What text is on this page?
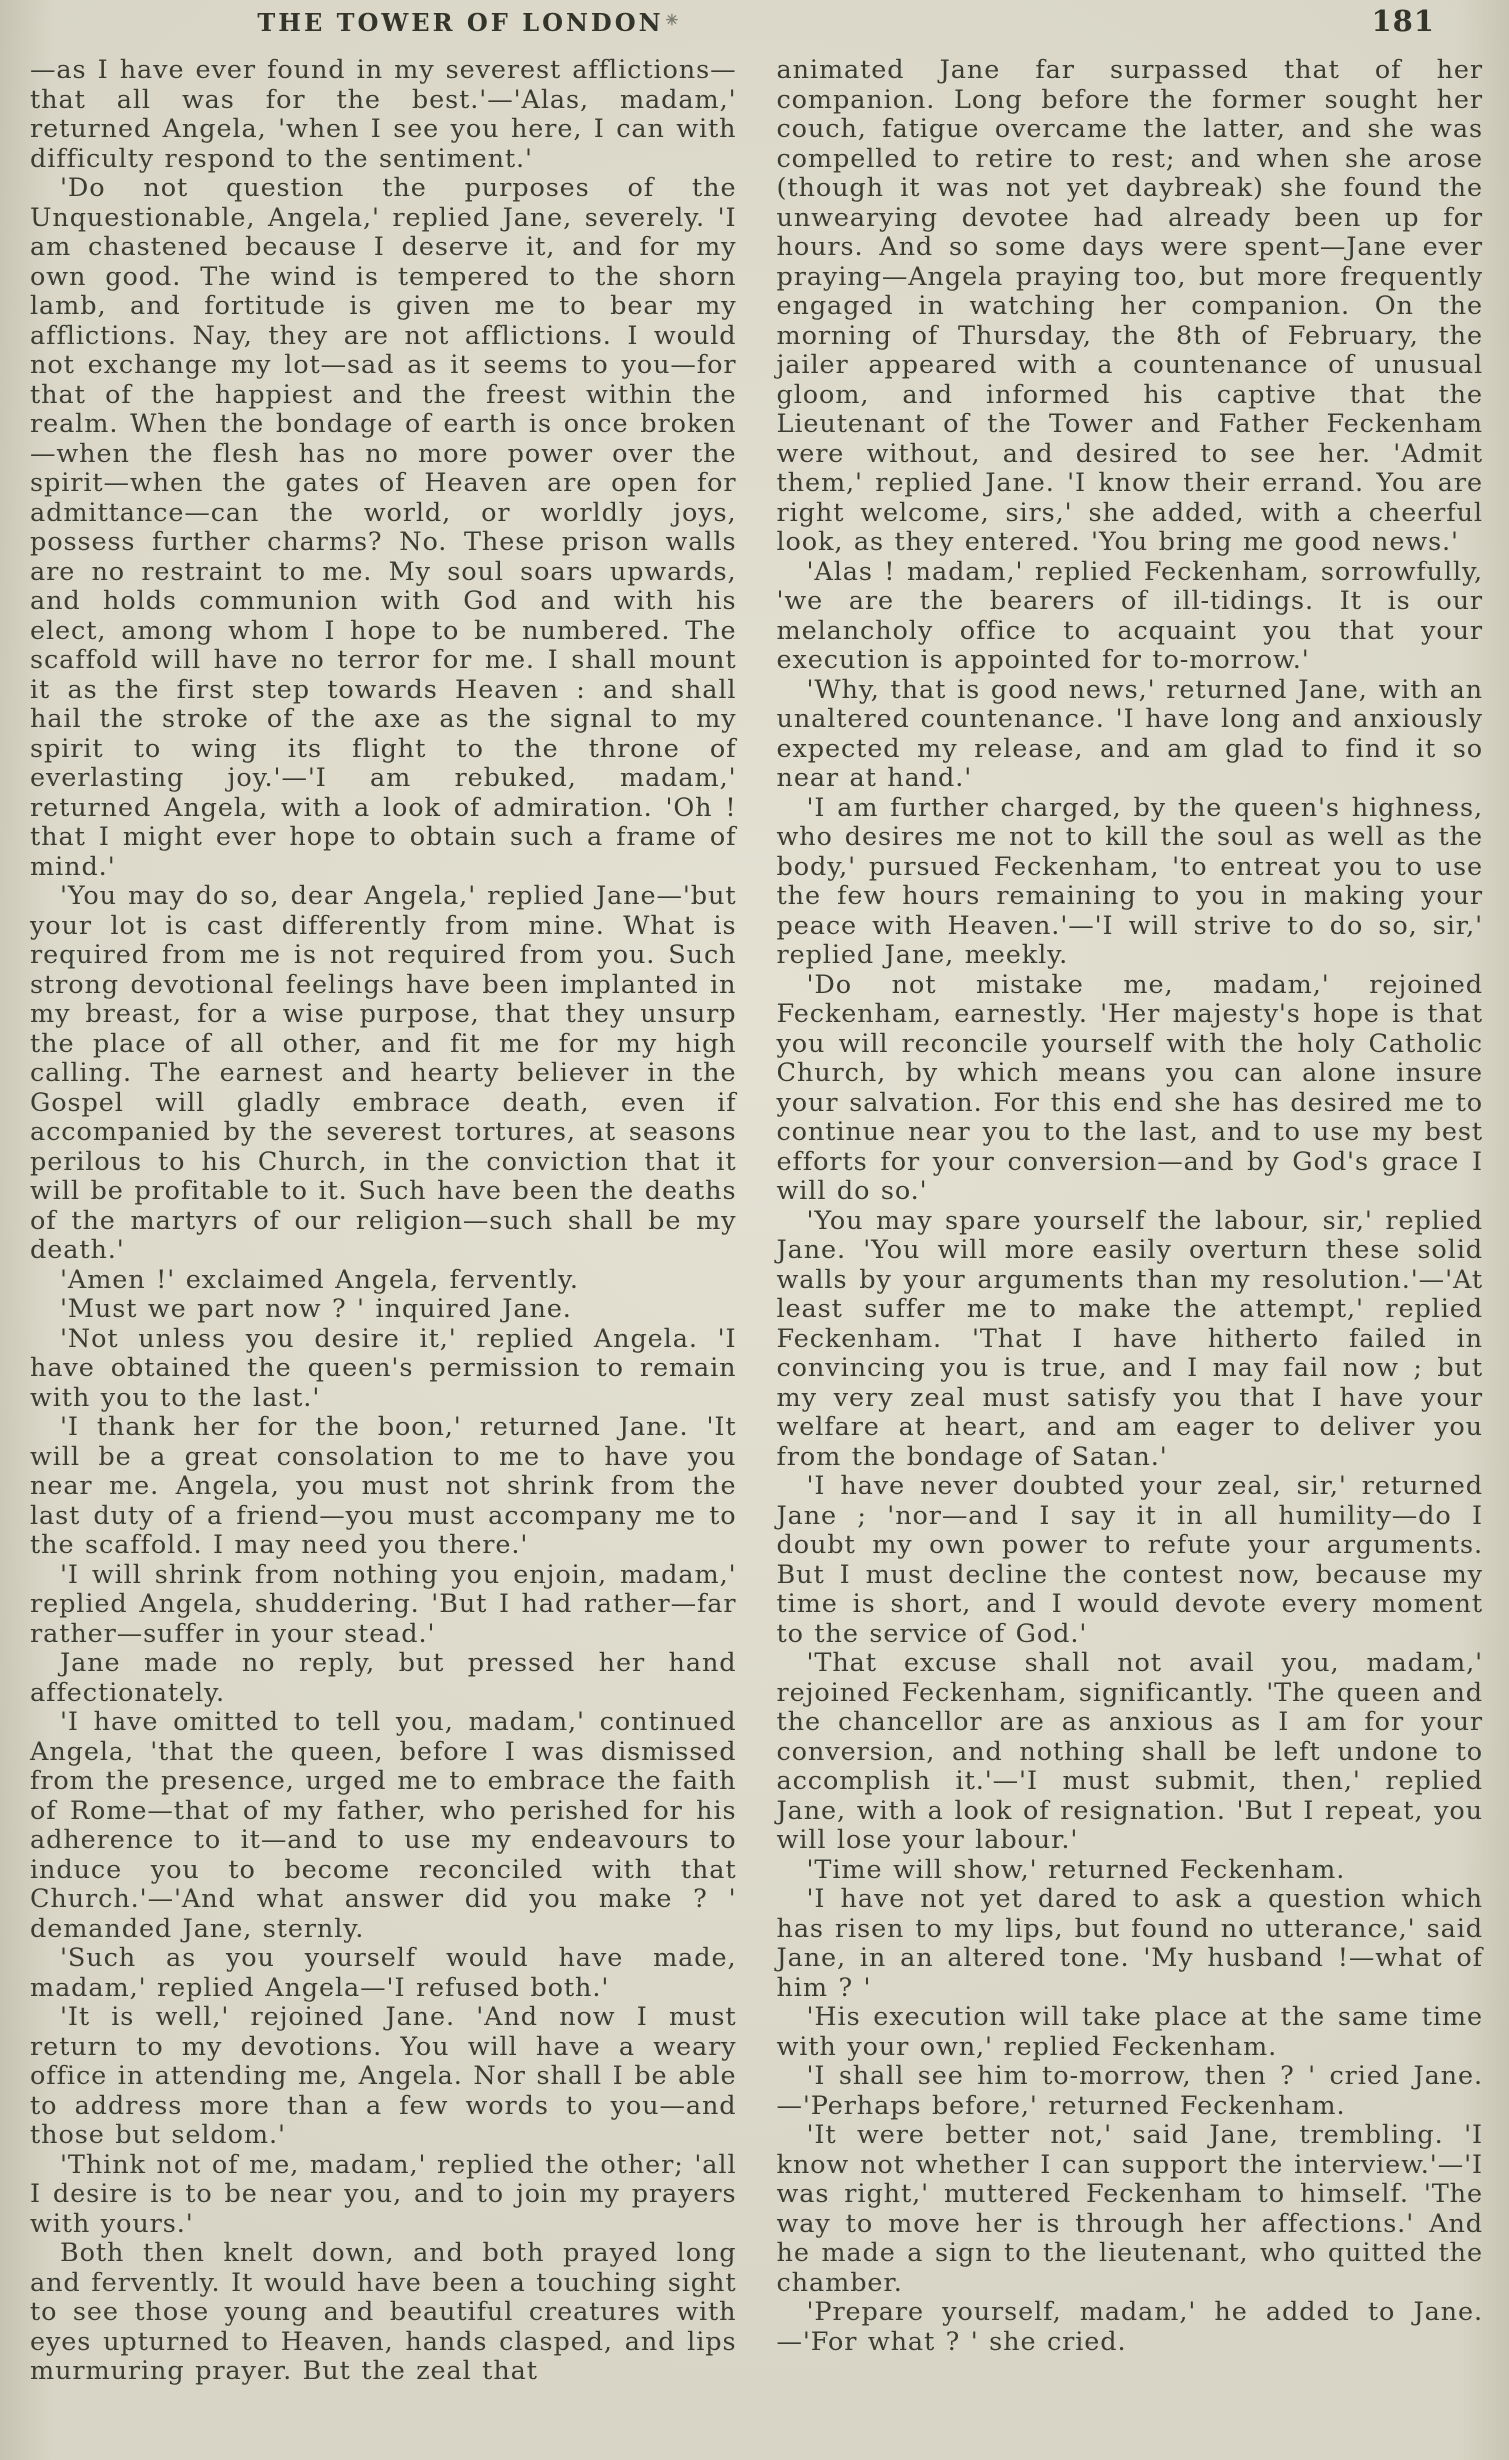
THE TOWER OF LONDON ✳	181

—as I have ever found in my severest afflictions—that all was for the best.'—'Alas, madam,' returned Angela, 'when I see you here, I can with difficulty respond to the sentiment.'

'Do not question the purposes of the Unquestionable, Angela,' replied Jane, severely. 'I am chastened because I deserve it, and for my own good. The wind is tempered to the shorn lamb, and fortitude is given me to bear my afflictions. Nay, they are not afflictions. I would not exchange my lot—sad as it seems to you—for that of the happiest and the freest within the realm. When the bondage of earth is once broken—when the flesh has no more power over the spirit—when the gates of Heaven are open for admittance—can the world, or worldly joys, possess further charms? No. These prison walls are no restraint to me. My soul soars upwards, and holds communion with God and with his elect, among whom I hope to be numbered. The scaffold will have no terror for me. I shall mount it as the first step towards Heaven : and shall hail the stroke of the axe as the signal to my spirit to wing its flight to the throne of everlasting joy.'—'I am rebuked, madam,' returned Angela, with a look of admiration. 'Oh ! that I might ever hope to obtain such a frame of mind.'

'You may do so, dear Angela,' replied Jane—'but your lot is cast differently from mine. What is required from me is not required from you. Such strong devotional feelings have been implanted in my breast, for a wise purpose, that they unsurp the place of all other, and fit me for my high calling. The earnest and hearty believer in the Gospel will gladly embrace death, even if accompanied by the severest tortures, at seasons perilous to his Church, in the conviction that it will be profitable to it. Such have been the deaths of the martyrs of our religion—such shall be my death.'

'Amen !' exclaimed Angela, fervently.

'Must we part now ? ' inquired Jane.

'Not unless you desire it,' replied Angela. 'I have obtained the queen's permission to remain with you to the last.'

'I thank her for the boon,' returned Jane. 'It will be a great consolation to me to have you near me. Angela, you must not shrink from the last duty of a friend—you must accompany me to the scaffold. I may need you there.'

'I will shrink from nothing you enjoin, madam,' replied Angela, shuddering. 'But I had rather—far rather—suffer in your stead.'

Jane made no reply, but pressed her hand affectionately.

'I have omitted to tell you, madam,' continued Angela, 'that the queen, before I was dismissed from the presence, urged me to embrace the faith of Rome—that of my father, who perished for his adherence to it—and to use my endeavours to induce you to become reconciled with that Church.'—'And what answer did you make ? ' demanded Jane, sternly.

'Such as you yourself would have made, madam,' replied Angela—'I refused both.'

'It is well,' rejoined Jane. 'And now I must return to my devotions. You will have a weary office in attending me, Angela. Nor shall I be able to address more than a few words to you—and those but seldom.'

'Think not of me, madam,' replied the other; 'all I desire is to be near you, and to join my prayers with yours.'

Both then knelt down, and both prayed long and fervently. It would have been a touching sight to see those young and beautiful creatures with eyes upturned to Heaven, hands clasped, and lips murmuring prayer. But the zeal that

animated Jane far surpassed that of her companion. Long before the former sought her couch, fatigue overcame the latter, and she was compelled to retire to rest; and when she arose (though it was not yet daybreak) she found the unwearying devotee had already been up for hours. And so some days were spent—Jane ever praying—Angela praying too, but more frequently engaged in watching her companion. On the morning of Thursday, the 8th of February, the jailer appeared with a countenance of unusual gloom, and informed his captive that the Lieutenant of the Tower and Father Feckenham were without, and desired to see her. 'Admit them,' replied Jane. 'I know their errand. You are right welcome, sirs,' she added, with a cheerful look, as they entered. 'You bring me good news.'

'Alas ! madam,' replied Feckenham, sorrowfully, 'we are the bearers of ill-tidings. It is our melancholy office to acquaint you that your execution is appointed for to-morrow.'

'Why, that is good news,' returned Jane, with an unaltered countenance. 'I have long and anxiously expected my release, and am glad to find it so near at hand.'

'I am further charged, by the queen's highness, who desires me not to kill the soul as well as the body,' pursued Feckenham, 'to entreat you to use the few hours remaining to you in making your peace with Heaven.'—'I will strive to do so, sir,' replied Jane, meekly.

'Do not mistake me, madam,' rejoined Feckenham, earnestly. 'Her majesty's hope is that you will reconcile yourself with the holy Catholic Church, by which means you can alone insure your salvation. For this end she has desired me to continue near you to the last, and to use my best efforts for your conversion—and by God's grace I will do so.'

'You may spare yourself the labour, sir,' replied Jane. 'You will more easily overturn these solid walls by your arguments than my resolution.'—'At least suffer me to make the attempt,' replied Feckenham. 'That I have hitherto failed in convincing you is true, and I may fail now ; but my very zeal must satisfy you that I have your welfare at heart, and am eager to deliver you from the bondage of Satan.'

'I have never doubted your zeal, sir,' returned Jane ; 'nor—and I say it in all humility—do I doubt my own power to refute your arguments. But I must decline the contest now, because my time is short, and I would devote every moment to the service of God.'

'That excuse shall not avail you, madam,' rejoined Feckenham, significantly. 'The queen and the chancellor are as anxious as I am for your conversion, and nothing shall be left undone to accomplish it.'—'I must submit, then,' replied Jane, with a look of resignation. 'But I repeat, you will lose your labour.'

'Time will show,' returned Feckenham.

'I have not yet dared to ask a question which has risen to my lips, but found no utterance,' said Jane, in an altered tone. 'My husband !—what of him ? '

'His execution will take place at the same time with your own,' replied Feckenham.

'I shall see him to-morrow, then ? ' cried Jane.—'Perhaps before,' returned Feckenham.

'It were better not,' said Jane, trembling. 'I know not whether I can support the interview.'—'I was right,' muttered Feckenham to himself. 'The way to move her is through her affections.' And he made a sign to the lieutenant, who quitted the chamber.

'Prepare yourself, madam,' he added to Jane.—'For what ? ' she cried.
